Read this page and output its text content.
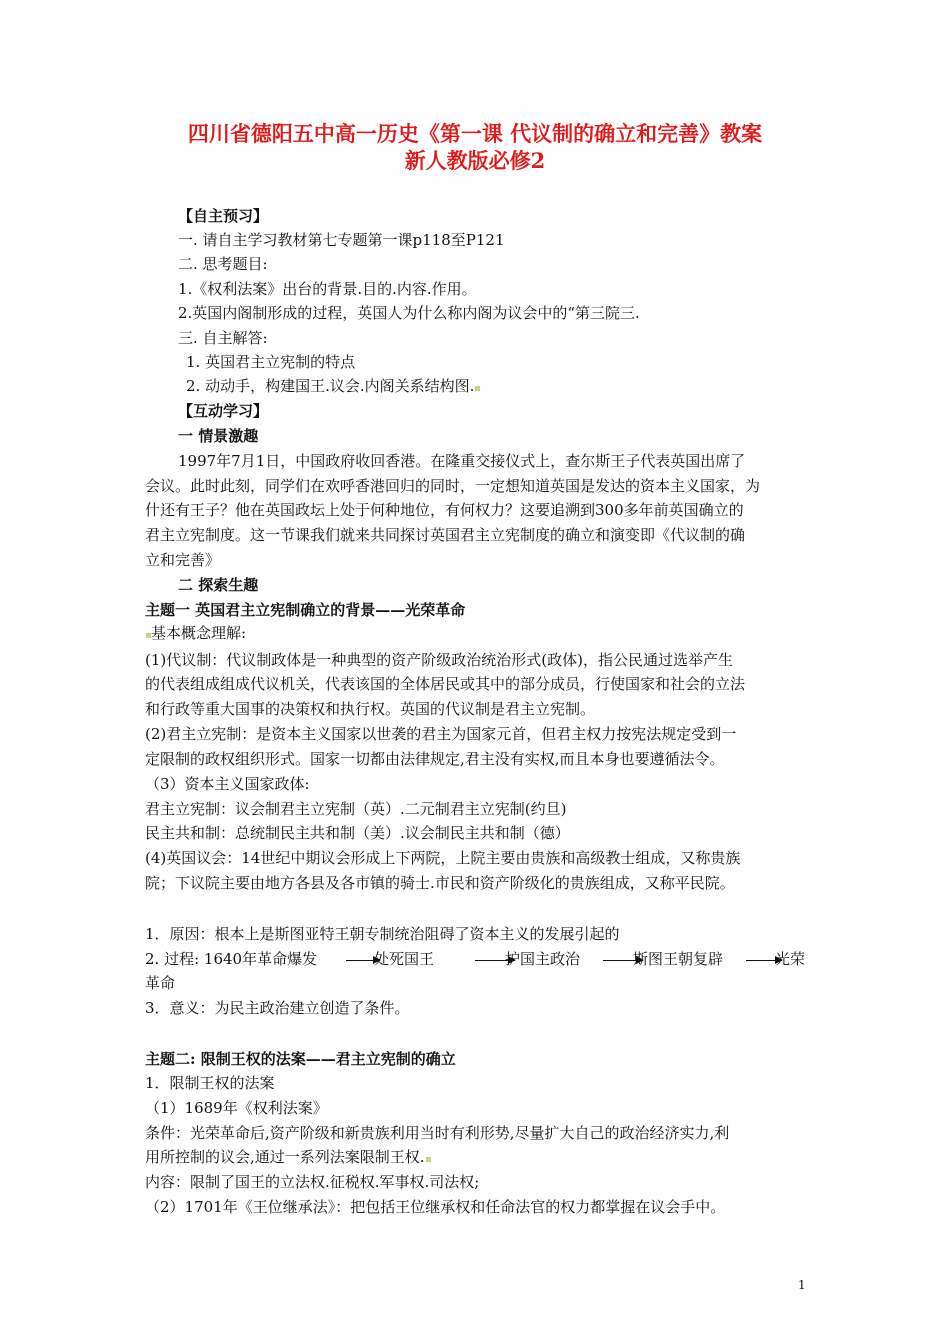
四川省德阳五中高一历史《第一课 代议制的确立和完善》教案
新人教版必修2
【自主预习】
一. 请自主学习教材第七专题第一课p118至P121
二. 思考题目:
1.《权利法案》出台的背景.目的.内容.作用。
2.英国内阁制形成的过程，英国人为什么称内阁为议会中的“第三院三.
三. 自主解答:
1. 英国君主立宪制的特点
2. 动动手，构建国王.议会.内阁关系结构图.
【互动学习】
一 情景激趣
1997年7月1日，中国政府收回香港。在隆重交接仪式上，查尔斯王子代表英国出席了
会议。此时此刻，同学们在欢呼香港回归的同时，一定想知道英国是发达的资本主义国家，为
什还有王子？他在英国政坛上处于何种地位，有何权力？这要追溯到300多年前英国确立的
君主立宪制度。这一节课我们就来共同探讨英国君主立宪制度的确立和演变即《代议制的确
立和完善》
二 探索生趣
主题一 英国君主立宪制确立的背景——光荣革命
基本概念理解:
(1)代议制：代议制政体是一种典型的资产阶级政治统治形式(政体)，指公民通过选举产生
的代表组成组成代议机关，代表该国的全体居民或其中的部分成员，行使国家和社会的立法
和行政等重大国事的决策权和执行权。英国的代议制是君主立宪制。
(2)君主立宪制：是资本主义国家以世袭的君主为国家元首，但君主权力按宪法规定受到一
定限制的政权组织形式。国家一切都由法律规定,君主没有实权,而且本身也要遵循法令。
（3）资本主义国家政体:
君主立宪制：议会制君主立宪制（英）.二元制君主立宪制(约旦)
民主共和制：总统制民主共和制（美）.议会制民主共和制（德）
(4)英国议会：14世纪中期议会形成上下两院，上院主要由贵族和高级教士组成，又称贵族
院；下议院主要由地方各县及各市镇的骑士.市民和资产阶级化的贵族组成，又称平民院。
1．原因：根本上是斯图亚特王朝专制统治阻碍了资本主义的发展引起的
2. 过程: 1640年革命爆发	处死国王	护国主政治	斯图王朝复辟	光荣
革命
3．意义：为民主政治建立创造了条件。
主题二: 限制王权的法案——君主立宪制的确立
1．限制王权的法案
（1）1689年《权利法案》
条件：光荣革命后,资产阶级和新贵族利用当时有利形势,尽量扩大自己的政治经济实力,利
用所控制的议会,通过一系列法案限制王权.
内容：限制了国王的立法权.征税权.军事权.司法权;
（2）1701年《王位继承法》：把包括王位继承权和任命法官的权力都掌握在议会手中。
1
